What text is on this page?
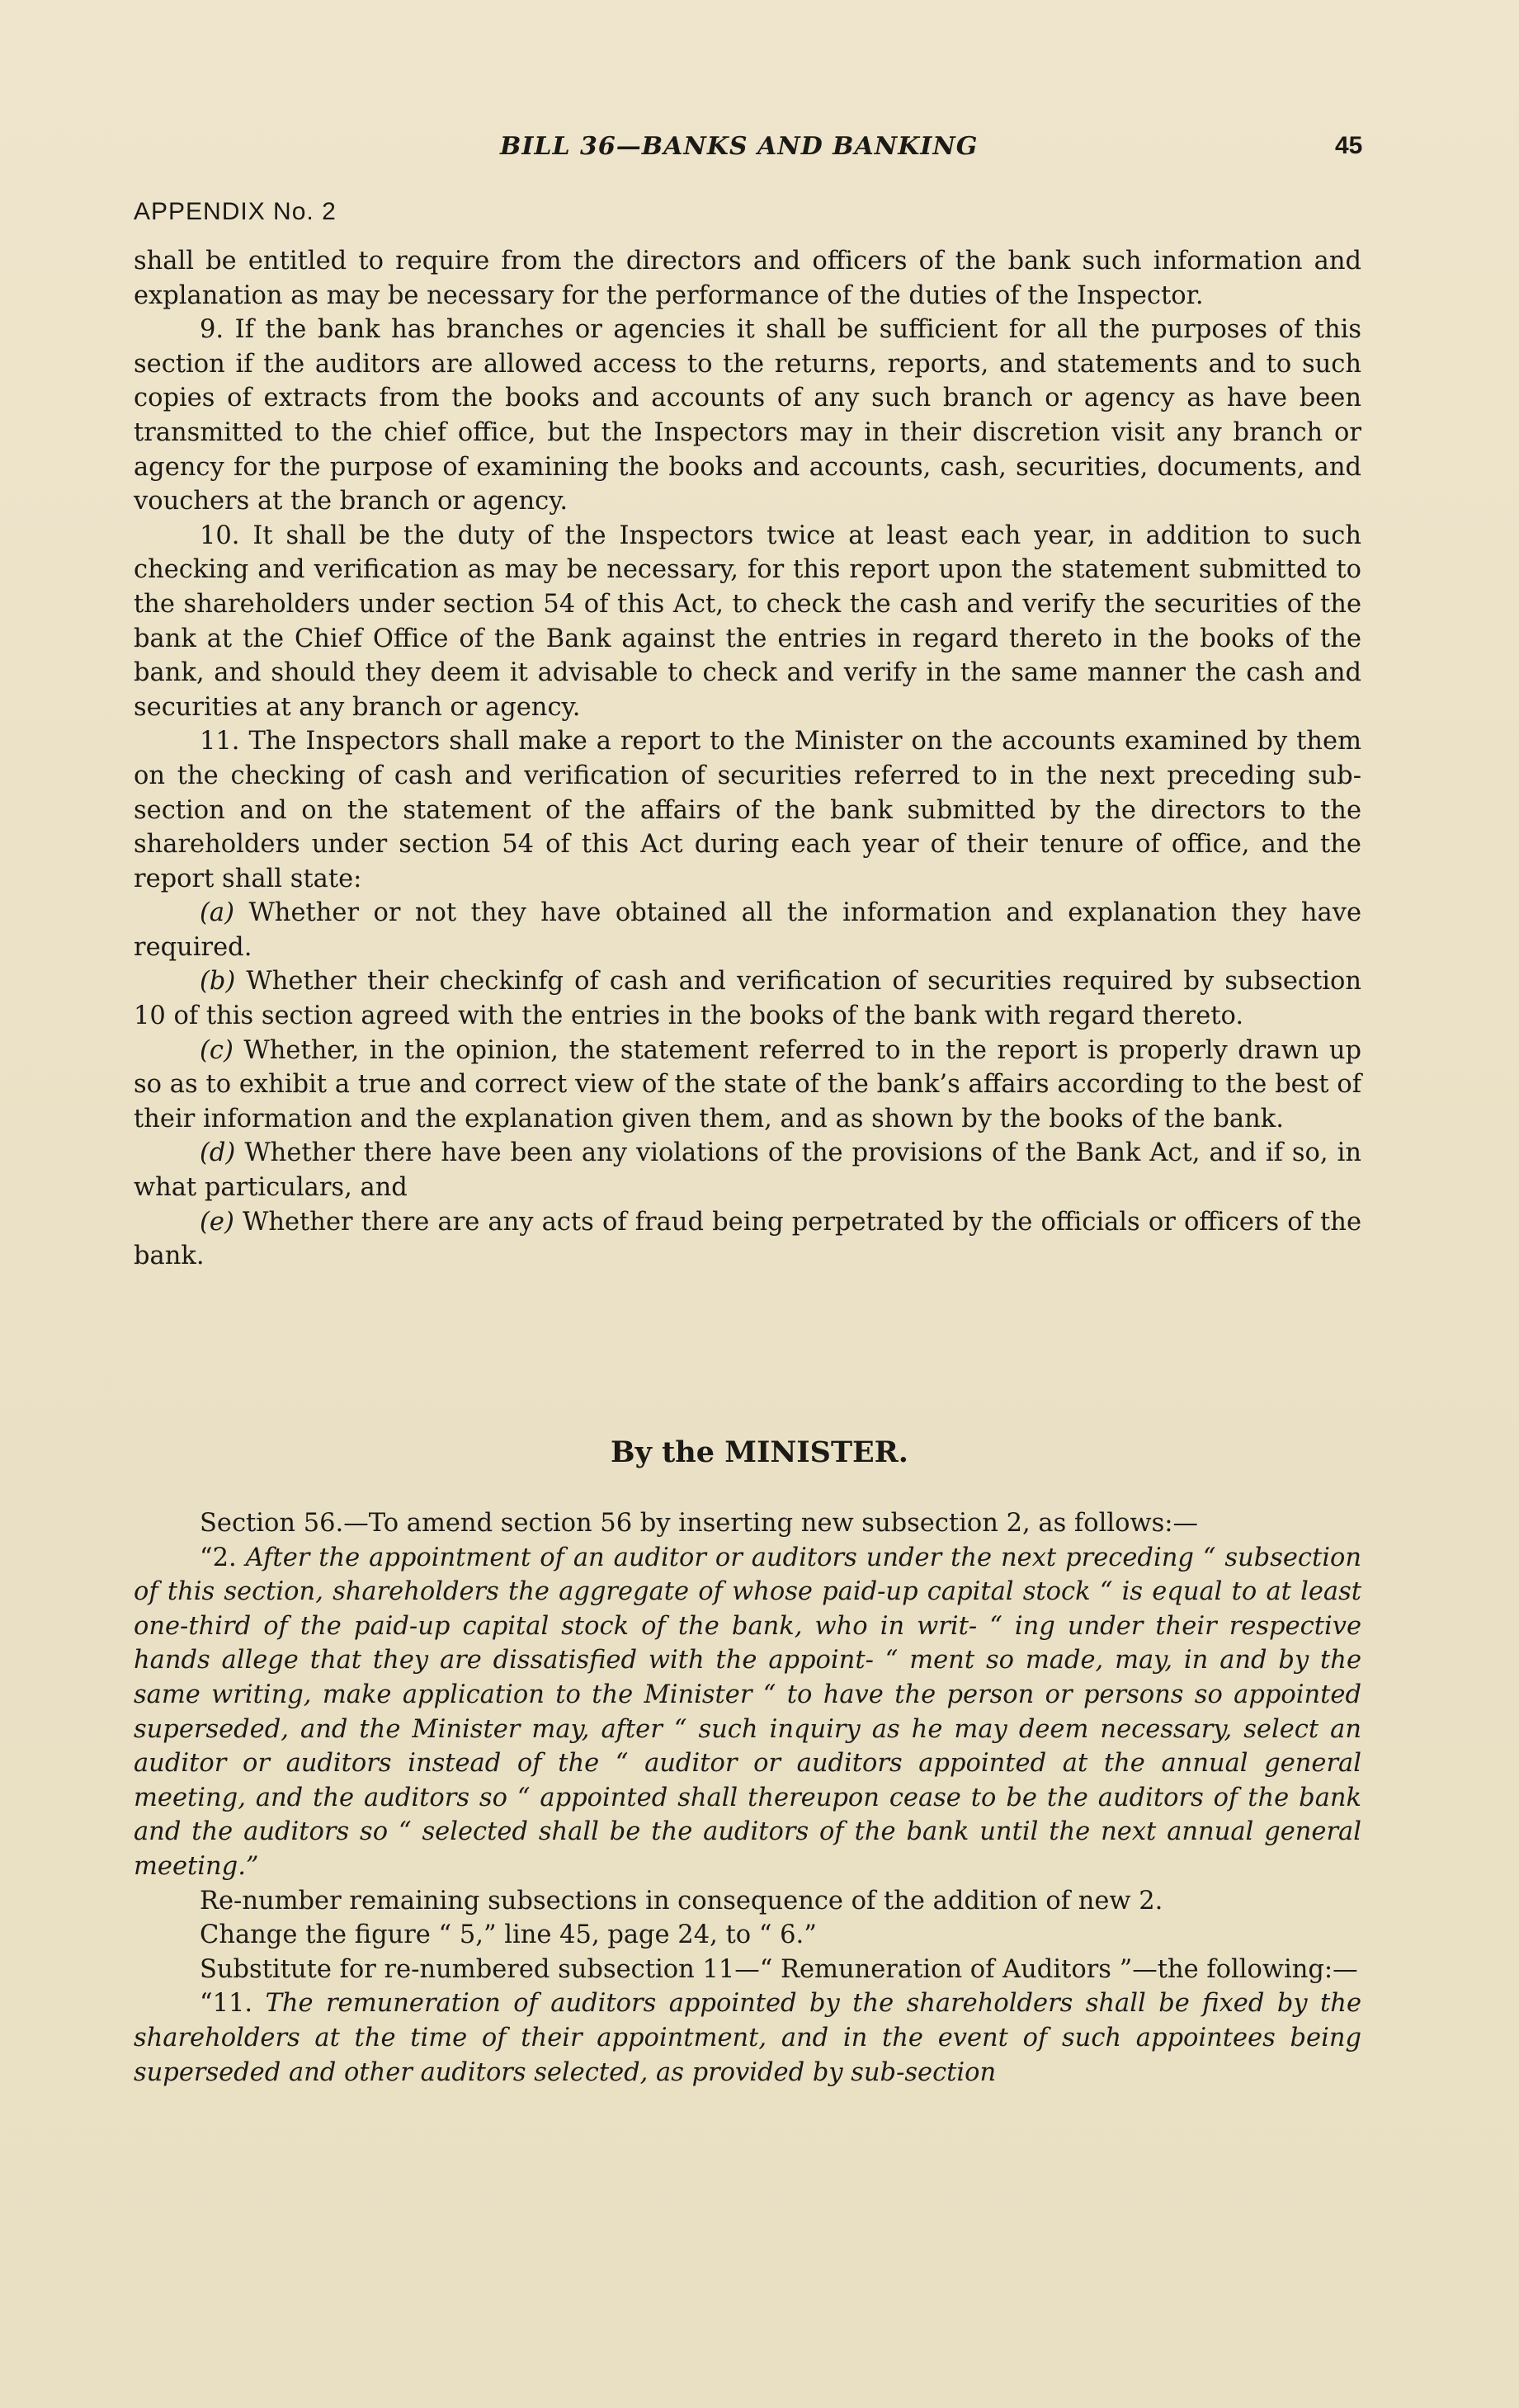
BILL 36—BANKS AND BANKING	45
APPENDIX No. 2

shall be entitled to require from the directors and officers of the bank such information and explanation as may be necessary for the performance of the duties of the Inspector.

9. If the bank has branches or agencies it shall be sufficient for all the purposes of this section if the auditors are allowed access to the returns, reports, and statements and to such copies of extracts from the books and accounts of any such branch or agency as have been transmitted to the chief office, but the Inspectors may in their discretion visit any branch or agency for the purpose of examining the books and accounts, cash, securities, documents, and vouchers at the branch or agency.

10. It shall be the duty of the Inspectors twice at least each year, in addition to such checking and verification as may be necessary, for this report upon the statement submitted to the shareholders under section 54 of this Act, to check the cash and verify the securities of the bank at the Chief Office of the Bank against the entries in regard thereto in the books of the bank, and should they deem it advisable to check and verify in the same manner the cash and securities at any branch or agency.

11. The Inspectors shall make a report to the Minister on the accounts examined by them on the checking of cash and verification of securities referred to in the next preceding sub-section and on the statement of the affairs of the bank submitted by the directors to the shareholders under section 54 of this Act during each year of their tenure of office, and the report shall state:

(a) Whether or not they have obtained all the information and explanation they have required.

(b) Whether their checkinfg of cash and verification of securities required by subsection 10 of this section agreed with the entries in the books of the bank with regard thereto.

(c) Whether, in the opinion, the statement referred to in the report is properly drawn up so as to exhibit a true and correct view of the state of the bank’s affairs according to the best of their information and the explanation given them, and as shown by the books of the bank.

(d) Whether there have been any violations of the provisions of the Bank Act, and if so, in what particulars, and

(e) Whether there are any acts of fraud being perpetrated by the officials or officers of the bank.

By the MINISTER.

Section 56.—To amend section 56 by inserting new subsection 2, as follows:—

“2. After the appointment of an auditor or auditors under the next preceding “ subsection of this section, shareholders the aggregate of whose paid-up capital stock “ is equal to at least one-third of the paid-up capital stock of the bank, who in writ- “ ing under their respective hands allege that they are dissatisfied with the appoint- “ ment so made, may, in and by the same writing, make application to the Minister “ to have the person or persons so appointed superseded, and the Minister may, after “ such inquiry as he may deem necessary, select an auditor or auditors instead of the “ auditor or auditors appointed at the annual general meeting, and the auditors so “ appointed shall thereupon cease to be the auditors of the bank and the auditors so “ selected shall be the auditors of the bank until the next annual general meeting.”

Re-number remaining subsections in consequence of the addition of new 2.

Change the figure “ 5,” line 45, page 24, to “ 6.”

Substitute for re-numbered subsection 11—“ Remuneration of Auditors ”—the following:—

“11. The remuneration of auditors appointed by the shareholders shall be fixed by the shareholders at the time of their appointment, and in the event of such appointees being superseded and other auditors selected, as provided by sub-section
